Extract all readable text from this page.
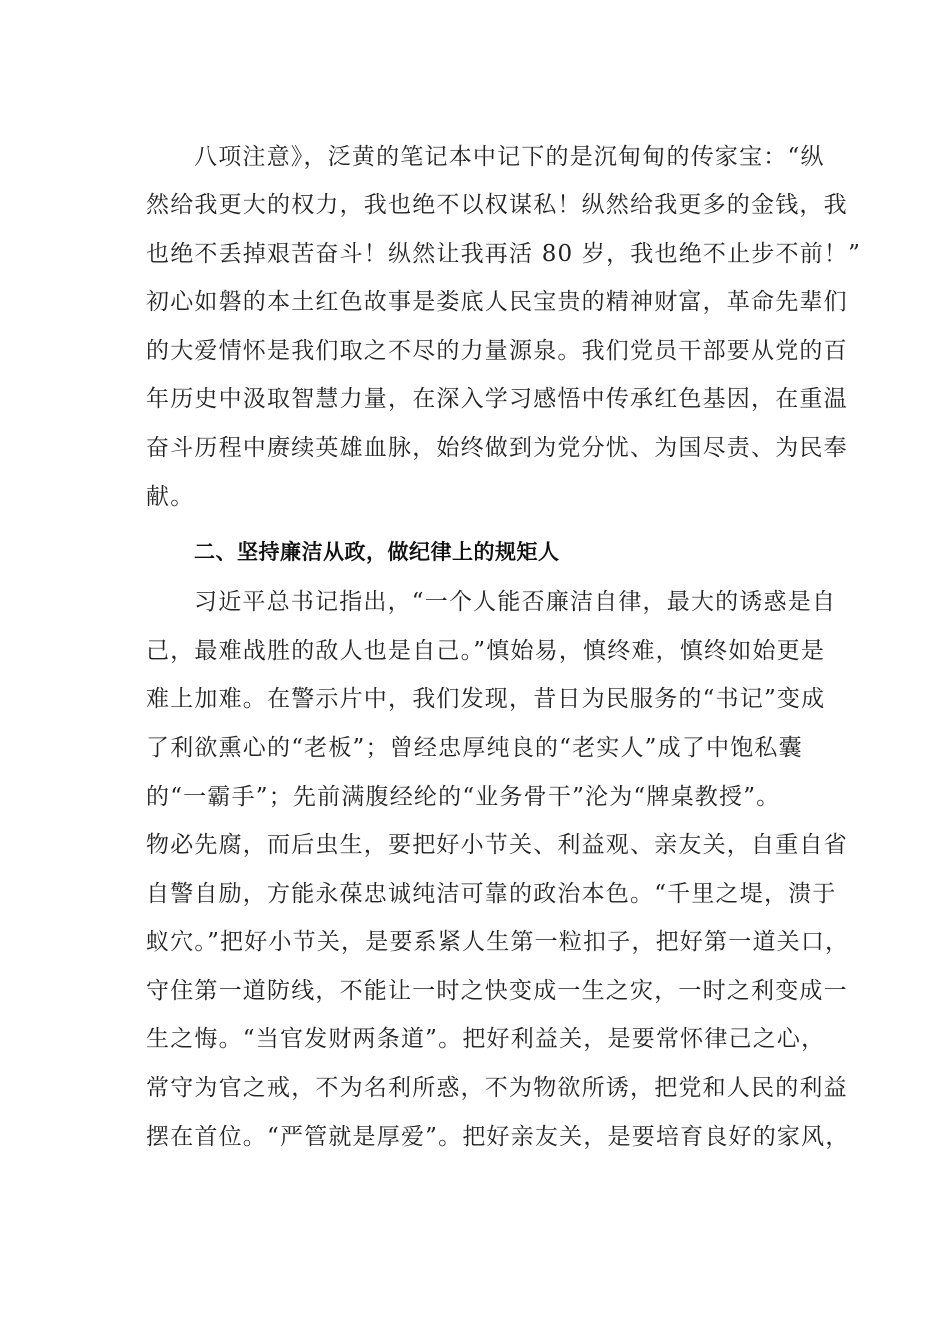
八项注意》，泛黄的笔记本中记下的是沉甸甸的传家宝：“纵
然给我更大的权力，我也绝不以权谋私！纵然给我更多的金钱，我
也绝不丢掉艰苦奋斗！纵然让我再活 80 岁，我也绝不止步不前！”
初心如磐的本土红色故事是娄底人民宝贵的精神财富，革命先辈们
的大爱情怀是我们取之不尽的力量源泉。我们党员干部要从党的百
年历史中汲取智慧力量，在深入学习感悟中传承红色基因，在重温
奋斗历程中赓续英雄血脉，始终做到为党分忧、为国尽责、为民奉
献。
二、坚持廉洁从政，做纪律上的规矩人
习近平总书记指出，“一个人能否廉洁自律，最大的诱惑是自
己，最难战胜的敌人也是自己。”慎始易，慎终难，慎终如始更是
难上加难。在警示片中，我们发现，昔日为民服务的“书记”变成
了利欲熏心的“老板”；曾经忠厚纯良的“老实人”成了中饱私囊
的“一霸手”；先前满腹经纶的“业务骨干”沦为“牌桌教授”。
物必先腐，而后虫生，要把好小节关、利益观、亲友关，自重自省
自警自励，方能永葆忠诚纯洁可靠的政治本色。“千里之堤，溃于
蚁穴。”把好小节关，是要系紧人生第一粒扣子，把好第一道关口，
守住第一道防线，不能让一时之快变成一生之灾，一时之利变成一
生之悔。“当官发财两条道”。把好利益关，是要常怀律己之心，
常守为官之戒，不为名利所惑，不为物欲所诱，把党和人民的利益
摆在首位。“严管就是厚爱”。把好亲友关，是要培育良好的家风，
